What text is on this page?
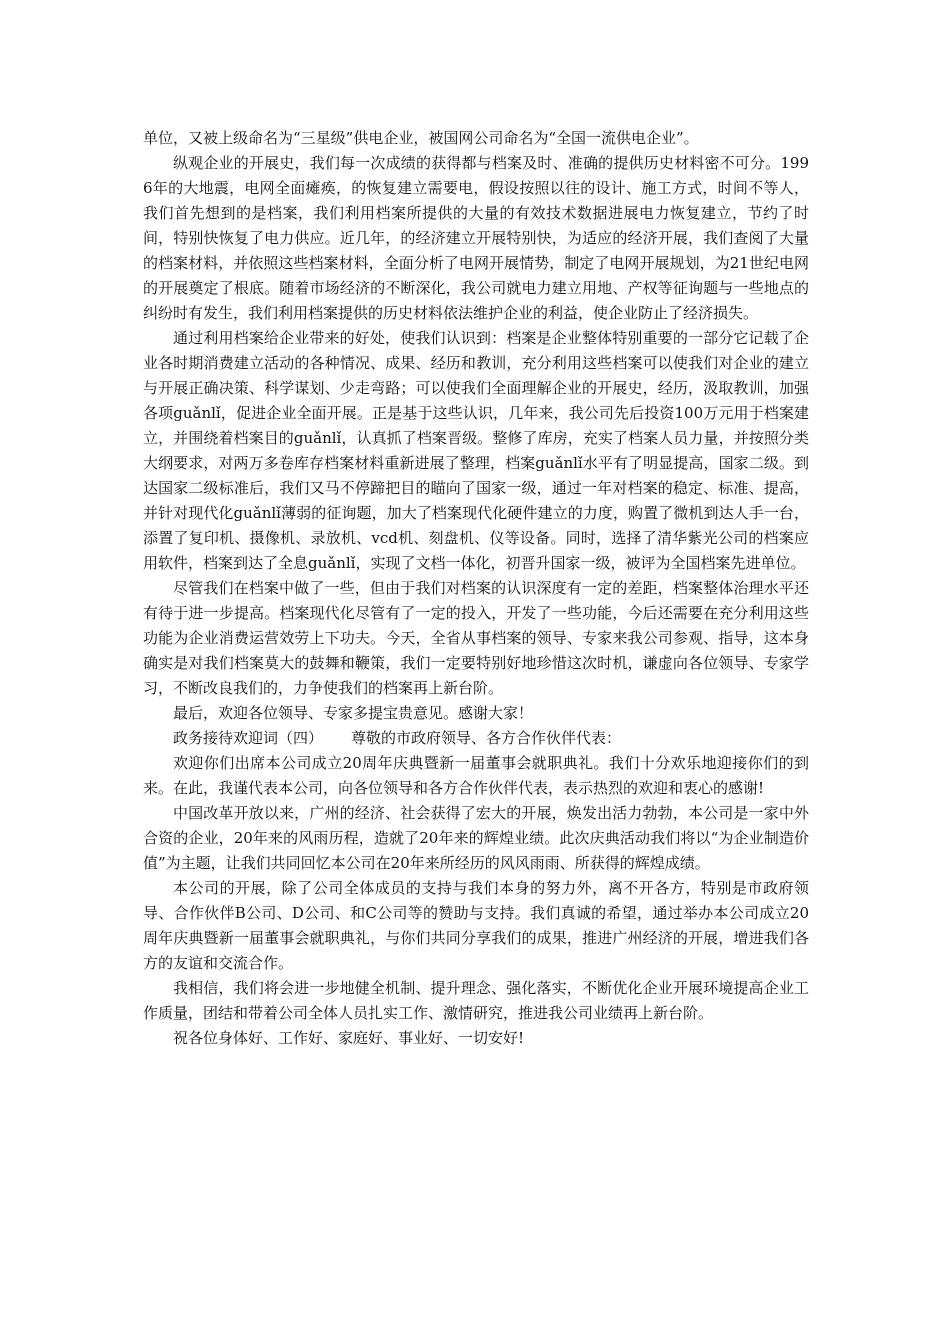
单位，又被上级命名为“三星级”供电企业，被国网公司命名为“全国一流供电企业”。

纵观企业的开展史，我们每一次成绩的获得都与档案及时、准确的提供历史材料密不可分。1996年的大地震，电网全面瘫痪，的恢复建立需要电，假设按照以往的设计、施工方式，时间不等人，我们首先想到的是档案，我们利用档案所提供的大量的有效技术数据进展电力恢复建立，节约了时间，特别快恢复了电力供应。近几年，的经济建立开展特别快，为适应的经济开展，我们查阅了大量的档案材料，并依照这些档案材料，全面分析了电网开展情势，制定了电网开展规划，为21世纪电网的开展奠定了根底。随着市场经济的不断深化，我公司就电力建立用地、产权等征询题与一些地点的纠纷时有发生，我们利用档案提供的历史材料依法维护企业的利益，使企业防止了经济损失。

通过利用档案给企业带来的好处，使我们认识到：档案是企业整体特别重要的一部分它记载了企业各时期消费建立活动的各种情况、成果、经历和教训，充分利用这些档案可以使我们对企业的建立与开展正确决策、科学谋划、少走弯路；可以使我们全面理解企业的开展史，经历，汲取教训，加强各项guǎnlǐ，促进企业全面开展。正是基于这些认识，几年来，我公司先后投资100万元用于档案建立，并围绕着档案目的guǎnlǐ，认真抓了档案晋级。整修了库房，充实了档案人员力量，并按照分类大纲要求，对两万多卷库存档案材料重新进展了整理，档案guǎnlǐ水平有了明显提高，国家二级。到达国家二级标准后，我们又马不停蹄把目的瞄向了国家一级，通过一年对档案的稳定、标准、提高，并针对现代化guǎnlǐ薄弱的征询题，加大了档案现代化硬件建立的力度，购置了微机到达人手一台，添置了复印机、摄像机、录放机、vcd机、刻盘机、仪等设备。同时，选择了清华紫光公司的档案应用软件，档案到达了全息guǎnlǐ，实现了文档一体化，初晋升国家一级，被评为全国档案先进单位。

尽管我们在档案中做了一些，但由于我们对档案的认识深度有一定的差距，档案整体治理水平还有待于进一步提高。档案现代化尽管有了一定的投入，开发了一些功能，今后还需要在充分利用这些功能为企业消费运营效劳上下功夫。今天，全省从事档案的领导、专家来我公司参观、指导，这本身确实是对我们档案莫大的鼓舞和鞭策，我们一定要特别好地珍惜这次时机，谦虚向各位领导、专家学习，不断改良我们的，力争使我们的档案再上新台阶。

最后，欢迎各位领导、专家多提宝贵意见。感谢大家！

政务接待欢迎词（四） 尊敬的市政府领导、各方合作伙伴代表：

欢迎你们出席本公司成立20周年庆典暨新一届董事会就职典礼。我们十分欢乐地迎接你们的到来。在此，我谨代表本公司，向各位领导和各方合作伙伴代表，表示热烈的欢迎和衷心的感谢!

中国改革开放以来，广州的经济、社会获得了宏大的开展，焕发出活力勃勃，本公司是一家中外合资的企业，20年来的风雨历程，造就了20年来的辉煌业绩。此次庆典活动我们将以“为企业制造价值”为主题，让我们共同回忆本公司在20年来所经历的风风雨雨、所获得的辉煌成绩。

本公司的开展，除了公司全体成员的支持与我们本身的努力外，离不开各方，特别是市政府领导、合作伙伴B公司、D公司、和C公司等的赞助与支持。我们真诚的希望，通过举办本公司成立20周年庆典暨新一届董事会就职典礼，与你们共同分享我们的成果，推进广州经济的开展，增进我们各方的友谊和交流合作。

我相信，我们将会进一步地健全机制、提升理念、强化落实，不断优化企业开展环境提高企业工作质量，团结和带着公司全体人员扎实工作、激情研究，推进我公司业绩再上新台阶。

祝各位身体好、工作好、家庭好、事业好、一切安好!
